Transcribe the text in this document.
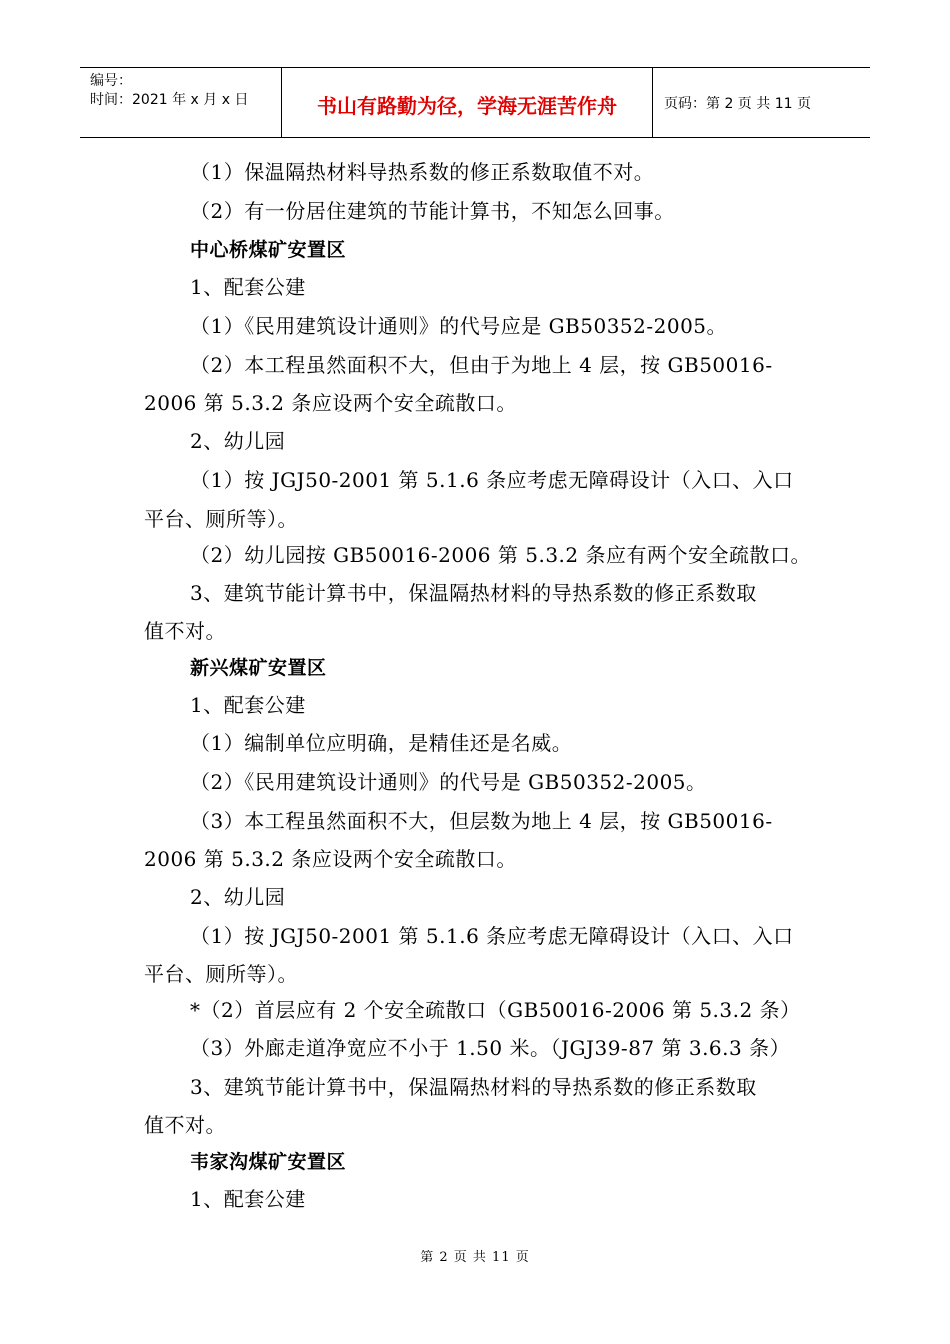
编号：
时间：2021 年 x 月 x 日	书山有路勤为径，学海无涯苦作舟	页码：第 2 页 共 11 页
（1）保温隔热材料导热系数的修正系数取值不对。
（2）有一份居住建筑的节能计算书，不知怎么回事。
中心桥煤矿安置区
1、配套公建
（1）《民用建筑设计通则》的代号应是 GB50352-2005。
（2）本工程虽然面积不大，但由于为地上 4 层，按 GB50016-
2006 第 5.3.2 条应设两个安全疏散口。
2、幼儿园
（1）按 JGJ50-2001 第 5.1.6 条应考虑无障碍设计（入口、入口
平台、厕所等）。
（2）幼儿园按 GB50016-2006 第 5.3.2 条应有两个安全疏散口。
3、建筑节能计算书中，保温隔热材料的导热系数的修正系数取
值不对。
新兴煤矿安置区
1、配套公建
（1）编制单位应明确，是精佳还是名威。
（2）《民用建筑设计通则》的代号是 GB50352-2005。
（3）本工程虽然面积不大，但层数为地上 4 层，按 GB50016-
2006 第 5.3.2 条应设两个安全疏散口。
2、幼儿园
（1）按 JGJ50-2001 第 5.1.6 条应考虑无障碍设计（入口、入口
平台、厕所等）。
*（2）首层应有 2 个安全疏散口（GB50016-2006 第 5.3.2 条）
（3）外廊走道净宽应不小于 1.50 米。（JGJ39-87 第 3.6.3 条）
3、建筑节能计算书中，保温隔热材料的导热系数的修正系数取
值不对。
韦家沟煤矿安置区
1、配套公建
第 2 页 共 11 页
